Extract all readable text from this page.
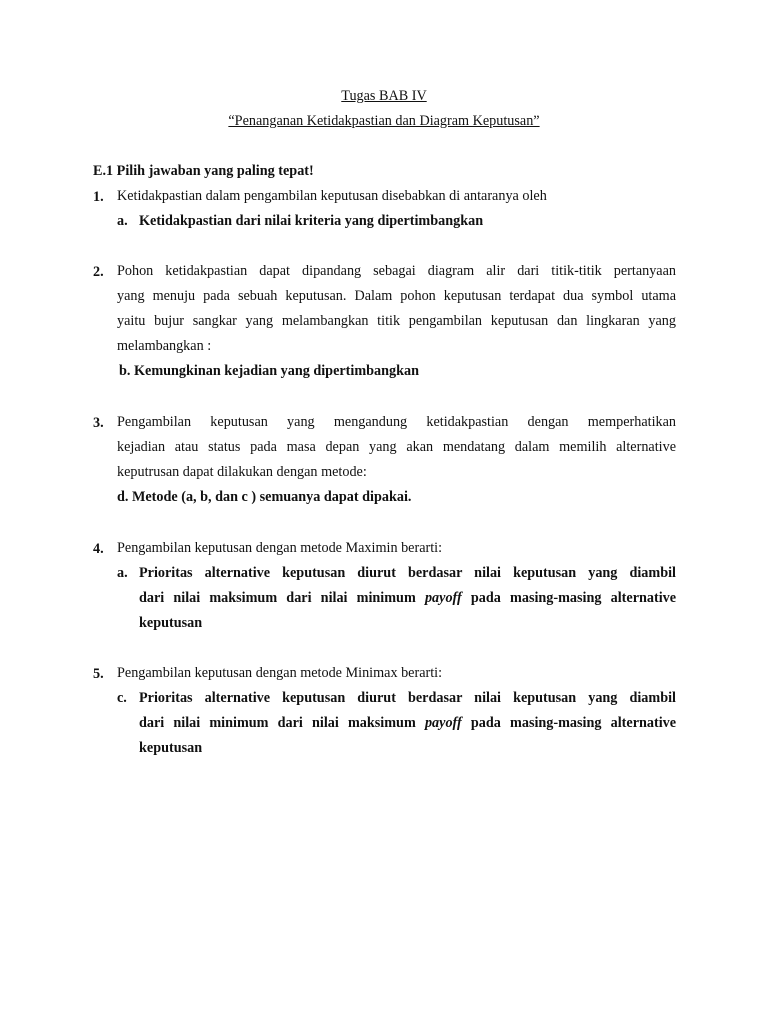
Tugas BAB IV
“Penanganan Ketidakpastian dan Diagram Keputusan”
E.1 Pilih jawaban yang paling tepat!
1. Ketidakpastian dalam pengambilan keputusan disebabkan di antaranya oleh
a. Ketidakpastian dari nilai kriteria yang dipertimbangkan
2. Pohon ketidakpastian dapat dipandang sebagai diagram alir dari titik-titik pertanyaan
yang menuju pada sebuah keputusan. Dalam pohon keputusan terdapat dua symbol utama
yaitu bujur sangkar yang melambangkan titik pengambilan keputusan dan lingkaran yang
melambangkan :
b. Kemungkinan kejadian yang dipertimbangkan
3. Pengambilan keputusan yang mengandung ketidakpastian dengan memperhatikan
kejadian atau status pada masa depan yang akan mendatang dalam memilih alternative
keputrusan dapat dilakukan dengan metode:
d. Metode (a, b, dan c ) semuanya dapat dipakai.
4. Pengambilan keputusan dengan metode Maximin berarti:
a. Prioritas alternative keputusan diurut berdasar nilai keputusan yang diambil
dari nilai maksimum dari nilai minimum payoff pada masing-masing alternative
keputusan
5. Pengambilan keputusan dengan metode Minimax berarti:
c. Prioritas alternative keputusan diurut berdasar nilai keputusan yang diambil
dari nilai minimum dari nilai maksimum payoff pada masing-masing alternative
keputusan
